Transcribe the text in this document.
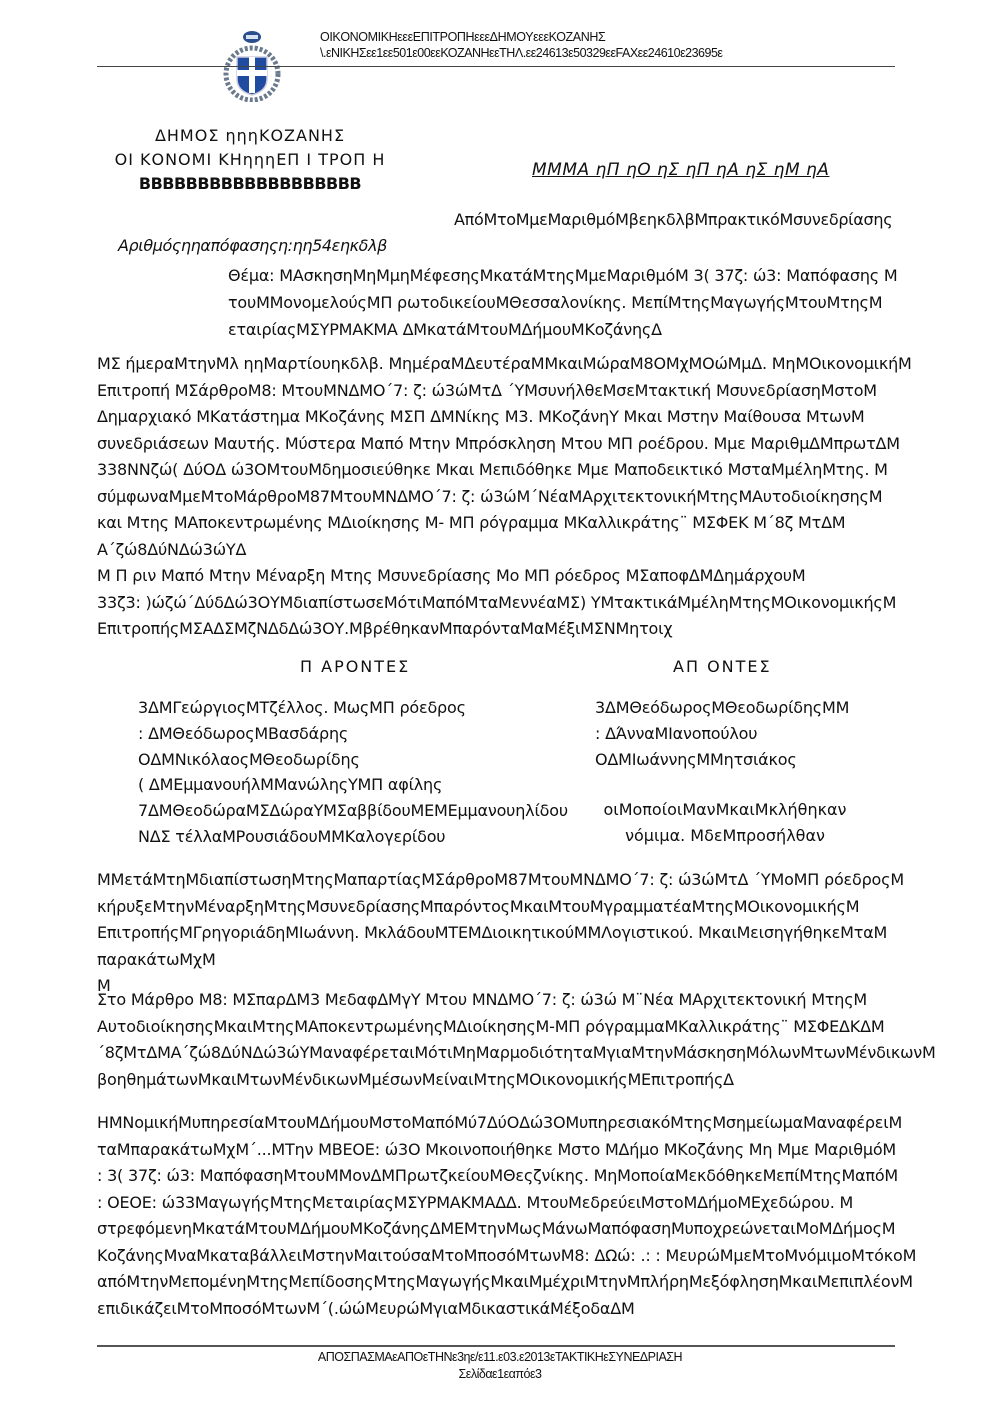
OIKONOMIKHεεεΕΠΙΤΡΟΠΗεεεΔΗΜΟΥεεεΚΟΖΑΝΗΣ
\.εΝΙΚΗΣεε1εε501ε00εεΚΟΖΑΝΗεεΤΗΛ.εε24613ε50329εεFAXεε24610ε23695ε
ΔΗΜΟΣ ηηηΚΟΖΑΝΗΣ
ΟΙ ΚΟΝΟΜΙ ΚΗηηηΕΠ Ι ΤΡΟΠ Η
BBBBBBBBBBBBBBBBBBB
ΜΜΜΑ ηΠ ηΟ ηΣ ηΠ ηΑ ηΣ ηΜ ηΑ
ΑπόΜτοΜμεΜαριθμόΜβεηκδλβΜπρακτικόΜσυνεδρίασης
Αριθμόςηηαπόφασηςη:ηη54εηκδλβ
Θέμα: ΜΑσκησηΜηΜμηΜέφεσηςΜκατάΜτηςΜμεΜαριθμόΜ 3( 37ζ: ώ3: Μαπόφασης Μ
τουΜΜονομελούςΜΠ ρωτοδικείουΜΘεσσαλονίκης. ΜεπίΜτηςΜαγωγήςΜτουΜτηςΜ
εταιρίαςΜΣΥΡΜΑΚΜΑ ΔΜκατάΜτουΜΔήμουΜΚοζάνηςΔ
ΜΣ ήμεραΜτηνΜλ ηηΜαρτίουηκδλβ. ΜημέραΜΔευτέραΜΜκαιΜώραΜ8ΟΜχΜΟώΜμΔ. ΜηΜΟικονομικήΜ
Επιτροπή ΜΣάρθροΜ8: ΜτουΜΝΔΜΟ΄7: ζ: ώ3ώΜτΔ ΄ΥΜσυνήλθεΜσεΜτακτική ΜσυνεδρίασηΜστοΜ
Δημαρχιακό ΜΚατάστημα ΜΚοζάνης ΜΣΠ ΔΜΝίκης Μ3. ΜΚοζάνηΥ Μκαι Μστην Μαίθουσα ΜτωνΜ
συνεδριάσεων Μαυτής. Μύστερα Μαπό Μτην Μπρόσκληση Μτου ΜΠ ροέδρου. Μμε ΜαριθμΔΜπρωτΔΜ
338ΝΝζώ( ΔύΟΔ ώ3ΟΜτουΜδημοσιεύθηκε Μκαι Μεπιδόθηκε Μμε Μαποδεικτικό ΜσταΜμέληΜτης. Μ
σύμφωναΜμεΜτοΜάρθροΜ87ΜτουΜΝΔΜΟ΄7: ζ: ώ3ώΜ΄ΝέαΜΑρχιτεκτονικήΜτηςΜΑυτοδιοίκησηςΜ
και Μτης ΜΑποκεντρωμένης ΜΔιοίκησης Μ- ΜΠ ρόγραμμα ΜΚαλλικράτης¨ ΜΣΦΕΚ Μ΄8ζ ΜτΔΜ
Α΄ζώ8ΔύΝΔώ3ώΥΔ
Μ Π ριν Μαπό Μτην Μέναρξη Μτης Μσυνεδρίασης Μο ΜΠ ρόεδρος ΜΣαποφΔΜΔημάρχουΜ
33ζ3: )ώζώ΄ΔύδΔώ3ΟΥΜδιαπίστωσεΜότιΜαπόΜταΜεννέαΜΣ) ΥΜτακτικάΜμέληΜτηςΜΟικονομικήςΜ
ΕπιτροπήςΜΣΑΔΣΜζΝΔδΔώ3ΟΥ.ΜβρέθηκανΜπαρόνταΜαΜέξιΜΣΝΜητοιχ
Π ΑΡΟΝΤΕΣ	ΑΠ ΟΝΤΕΣ
3ΔΜΓεώργιοςΜΤζέλλος. ΜωςΜΠ ρόεδρος
: ΔΜΘεόδωροςΜΒασδάρης
ΟΔΜΝικόλαοςΜΘεοδωρίδης
( ΔΜΕμμανουήλΜΜανώληςΥΜΠ αφίλης
7ΔΜΘεοδώραΜΣΔώραΥΜΣαββίδουΜΕΜΕμμανουηλίδου
ΝΔΣ τέλλαΜΡουσιάδουΜΜΚαλογερίδου
3ΔΜΘεόδωροςΜΘεοδωρίδηςΜΜ
: ΔΆνναΜΙανοπούλου
ΟΔΜΙωάννηςΜΜητσιάκος
οιΜοποίοιΜανΜκαιΜκλήθηκαν
νόμιμα. ΜδεΜπροσήλθαν
ΜΜετάΜτηΜδιαπίστωσηΜτηςΜαπαρτίαςΜΣάρθροΜ87ΜτουΜΝΔΜΟ΄7: ζ: ώ3ώΜτΔ ΄ΥΜοΜΠ ρόεδροςΜ
κήρυξεΜτηνΜέναρξηΜτηςΜσυνεδρίασηςΜπαρόντοςΜκαιΜτουΜγραμματέαΜτηςΜΟικονομικήςΜ
ΕπιτροπήςΜΓρηγοριάδηΜΙωάννη. ΜκλάδουΜΤΕΜΔιοικητικούΜΜΛογιστικού. ΜκαιΜεισηγήθηκεΜταΜ
παρακάτωΜχΜ
Μ
Στο Μάρθρο Μ8: ΜΣπαρΔΜ3 ΜεδαφΔΜγΥ Μτου ΜΝΔΜΟ΄7: ζ: ώ3ώ Μ¨Νέα ΜΑρχιτεκτονική ΜτηςΜ
ΑυτοδιοίκησηςΜκαιΜτηςΜΑποκεντρωμένηςΜΔιοίκησηςΜ-ΜΠ ρόγραμμαΜΚαλλικράτης¨ ΜΣΦΕΔΚΔΜ
΄8ζΜτΔΜΑ΄ζώ8ΔύΝΔώ3ώΥΜαναφέρεταιΜότιΜηΜαρμοδιότηταΜγιαΜτηνΜάσκησηΜόλωνΜτωνΜένδικωνΜ
βοηθημάτωνΜκαιΜτωνΜένδικωνΜμέσωνΜείναιΜτηςΜΟικονομικήςΜΕπιτροπήςΔ
ΗΜΝομικήΜυπηρεσίαΜτουΜΔήμουΜστοΜαπόΜύ7ΔύΟΔώ3ΟΜυπηρεσιακόΜτηςΜσημείωμαΜαναφέρειΜ
ταΜπαρακάτωΜχΜ΄...ΜΤην ΜΒΕΟΕ: ώ3Ο Μκοινοποιήθηκε Μστο ΜΔήμο ΜΚοζάνης Μη Μμε ΜαριθμόΜ
: 3( 37ζ: ώ3: ΜαπόφασηΜτουΜΜονΔΜΠρωτζκείουΜΘεςζνίκης. ΜηΜοποίαΜεκδόθηκεΜεπίΜτηςΜαπόΜ
: ΟΕΟΕ: ώ33ΜαγωγήςΜτηςΜεταιρίαςΜΣΥΡΜΑΚΜΑΔΔ. ΜτουΜεδρεύειΜστοΜΔήμοΜΕχεδώρου. Μ
στρεφόμενηΜκατάΜτουΜΔήμουΜΚοζάνηςΔΜΕΜτηνΜωςΜάνωΜαπόφασηΜυποχρεώνεταιΜοΜΔήμοςΜ
ΚοζάνηςΜναΜκαταβάλλειΜστηνΜαιτούσαΜτοΜποσόΜτωνΜ8: ΔΩώ: .: : ΜευρώΜμεΜτοΜνόμιμοΜτόκοΜ
απόΜτηνΜεπομένηΜτηςΜεπίδοσηςΜτηςΜαγωγήςΜκαιΜμέχριΜτηνΜπλήρηΜεξόφλησηΜκαιΜεπιπλέονΜ
επιδικάζειΜτοΜποσόΜτωνΜ΄(.ώώΜευρώΜγιαΜδικαστικάΜέξοδαΔΜ
ΑΠΟΣΠΑΣΜΑεΑΠΟεΤΗΝε3ηε/ε11.ε03.ε2013εΤΑΚΤΙΚΗεΣΥΝΕΔΡΙΑΣΗ
Σελίδαε1εαπόε3
